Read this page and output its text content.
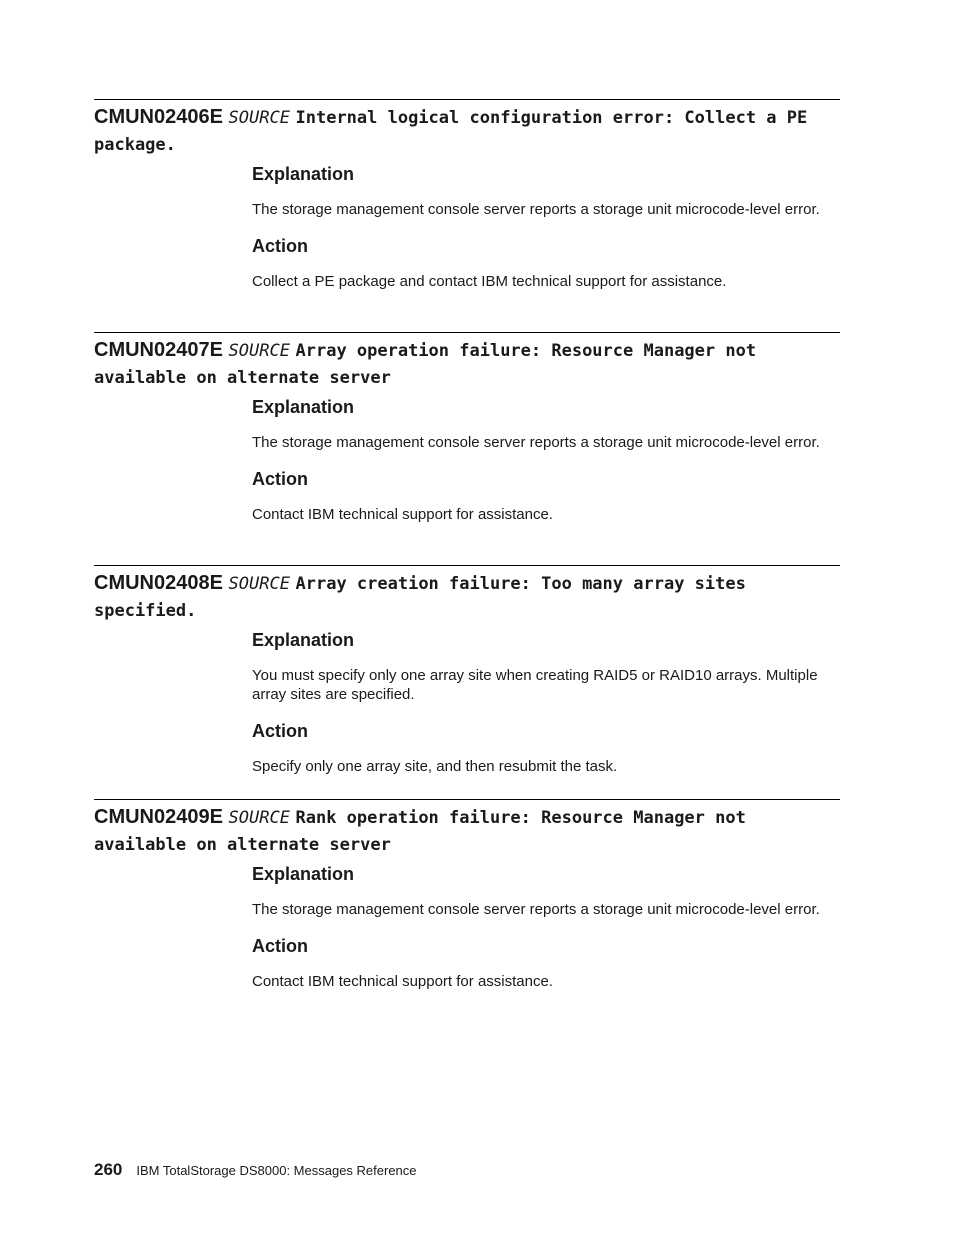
CMUN02406E SOURCE Internal logical configuration error: Collect a PE package.
Explanation

The storage management console server reports a storage unit microcode-level error.

Action

Collect a PE package and contact IBM technical support for assistance.

CMUN02407E SOURCE Array operation failure: Resource Manager not available on alternate server
Explanation

The storage management console server reports a storage unit microcode-level error.

Action

Contact IBM technical support for assistance.

CMUN02408E SOURCE Array creation failure: Too many array sites specified.
Explanation

You must specify only one array site when creating RAID5 or RAID10 arrays. Multiple array sites are specified.

Action

Specify only one array site, and then resubmit the task.

CMUN02409E SOURCE Rank operation failure: Resource Manager not available on alternate server
Explanation

The storage management console server reports a storage unit microcode-level error.

Action

Contact IBM technical support for assistance.

260 IBM TotalStorage DS8000: Messages Reference
